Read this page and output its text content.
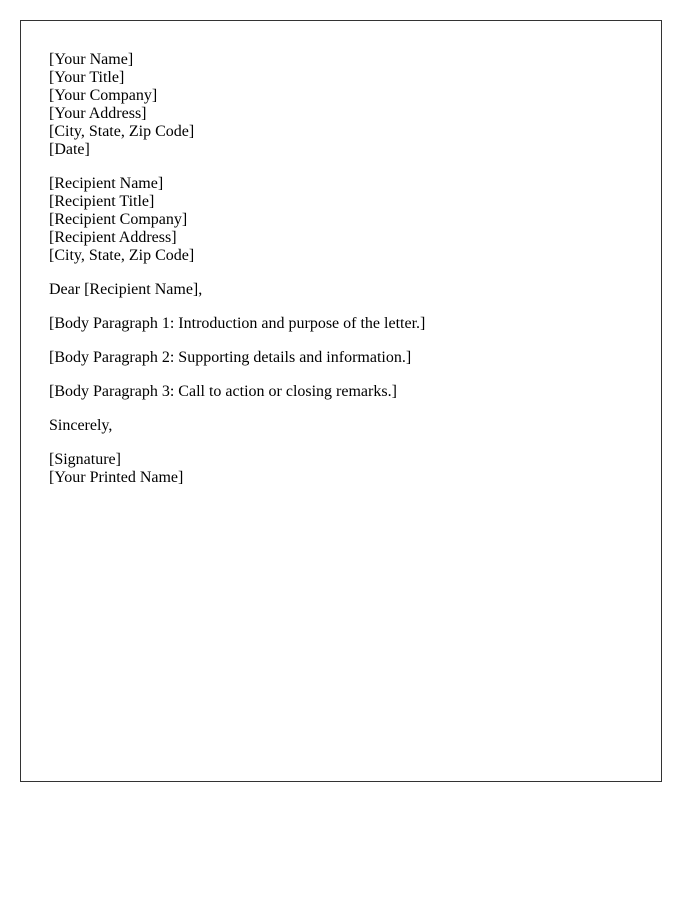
[Your Name]
[Your Title]
[Your Company]
[Your Address]
[City, State, Zip Code]
[Date]
[Recipient Name]
[Recipient Title]
[Recipient Company]
[Recipient Address]
[City, State, Zip Code]

Dear [Recipient Name],

[Body Paragraph 1: Introduction and purpose of the letter.]

[Body Paragraph 2: Supporting details and information.]

[Body Paragraph 3: Call to action or closing remarks.]

Sincerely,

[Signature]
[Your Printed Name]
